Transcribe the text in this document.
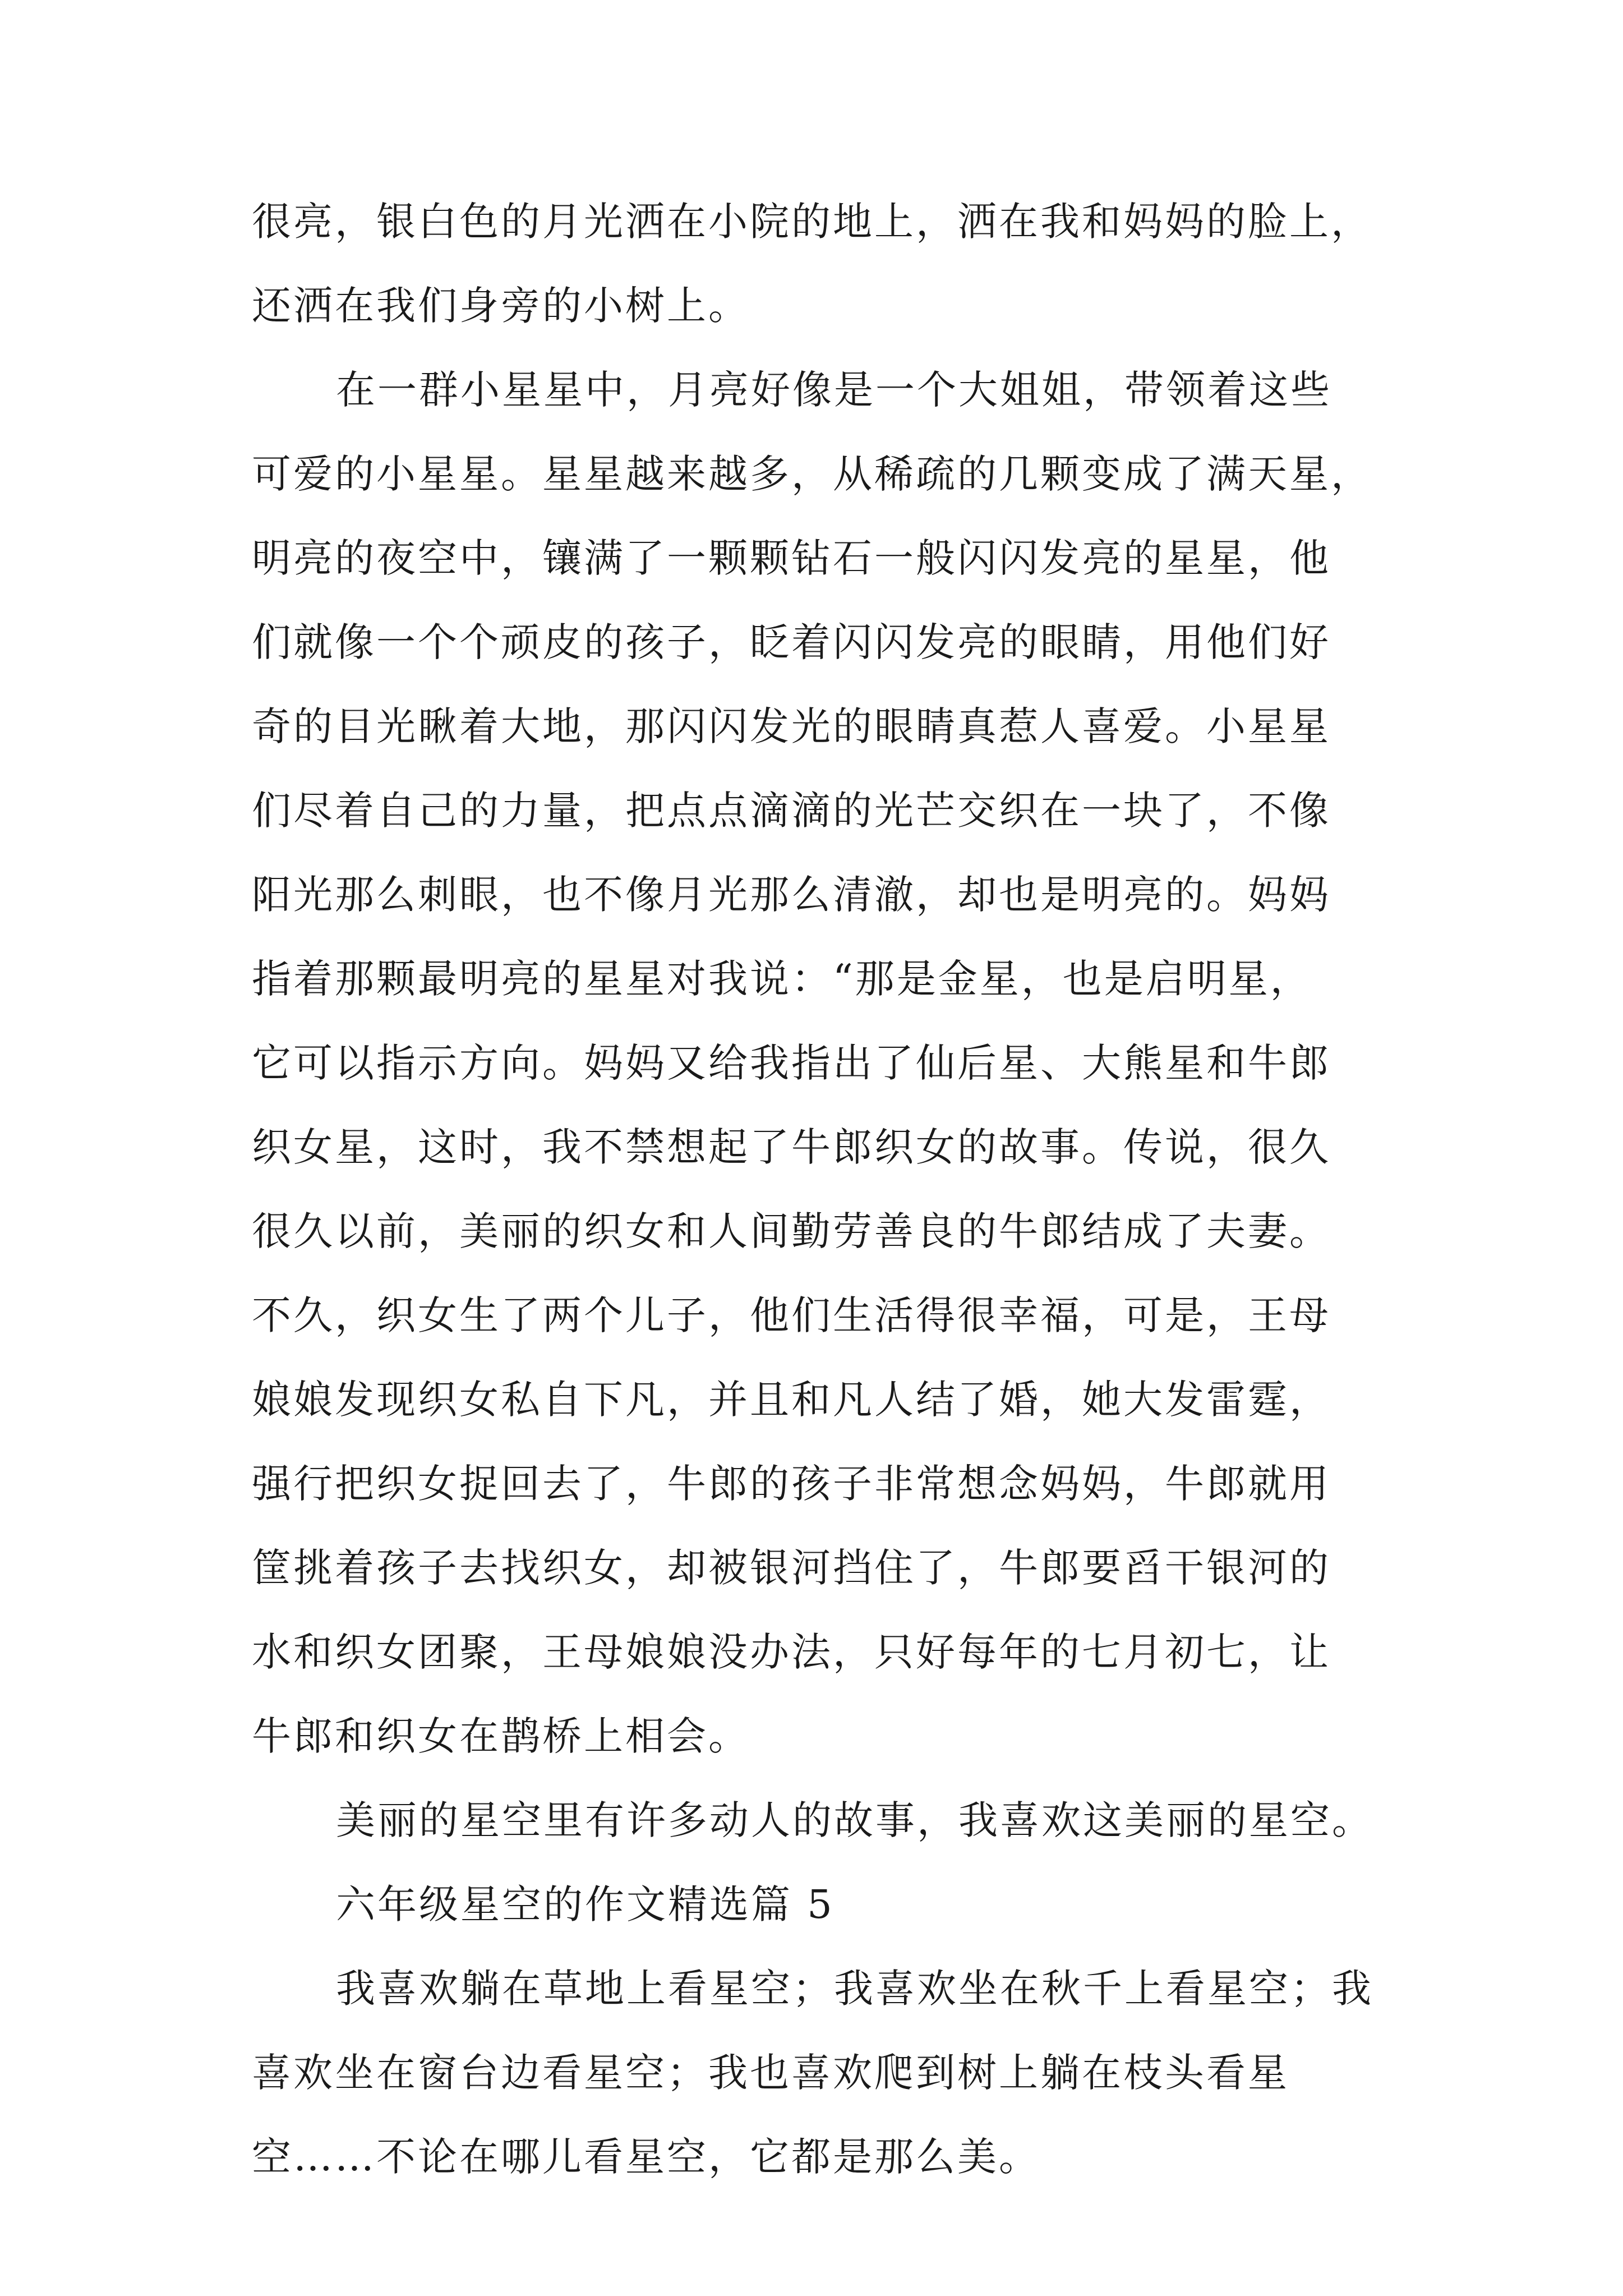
很亮，银白色的月光洒在小院的地上，洒在我和妈妈的脸上，
还洒在我们身旁的小树上。
在一群小星星中，月亮好像是一个大姐姐，带领着这些
可爱的小星星。星星越来越多，从稀疏的几颗变成了满天星，
明亮的夜空中，镶满了一颗颗钻石一般闪闪发亮的星星，他
们就像一个个顽皮的孩子，眨着闪闪发亮的眼睛，用他们好
奇的目光瞅着大地，那闪闪发光的眼睛真惹人喜爱。小星星
们尽着自己的力量，把点点滴滴的光芒交织在一块了，不像
阳光那么刺眼，也不像月光那么清澈，却也是明亮的。妈妈
指着那颗最明亮的星星对我说：“那是金星，也是启明星，
它可以指示方向。妈妈又给我指出了仙后星、大熊星和牛郎
织女星，这时，我不禁想起了牛郎织女的故事。传说，很久
很久以前，美丽的织女和人间勤劳善良的牛郎结成了夫妻。
不久，织女生了两个儿子，他们生活得很幸福，可是，王母
娘娘发现织女私自下凡，并且和凡人结了婚，她大发雷霆，
强行把织女捉回去了，牛郎的孩子非常想念妈妈，牛郎就用
筐挑着孩子去找织女，却被银河挡住了，牛郎要舀干银河的
水和织女团聚，王母娘娘没办法，只好每年的七月初七，让
牛郎和织女在鹊桥上相会。
美丽的星空里有许多动人的故事，我喜欢这美丽的星空。
六年级星空的作文精选篇 5
我喜欢躺在草地上看星空；我喜欢坐在秋千上看星空；我
喜欢坐在窗台边看星空；我也喜欢爬到树上躺在枝头看星
空……不论在哪儿看星空，它都是那么美。
